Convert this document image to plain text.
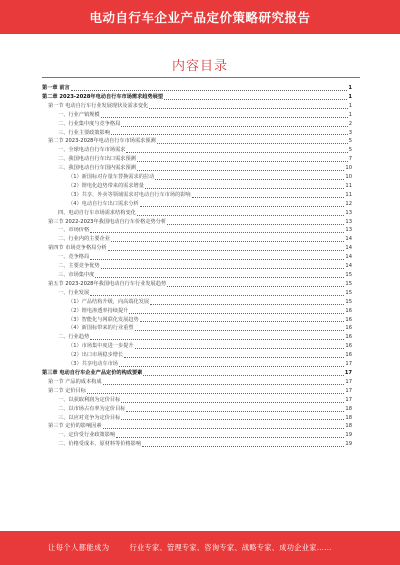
电动自行车企业产品定价策略研究报告
内容目录
第一章 前言	1
第二章 2023-2028年电动自行车市场需求趋势展望	1
第一节 电动自行车行业发展现状及需求变化	1
一、行业产销规模	1
二、行业集中度与竞争格局	2
三、行业主要政策影响	3
第二节 2023-2028年电动自行车市场需求预测	5
一、全球电动自行车市场需求	5
二、我国电动自行车出口需求预测	7
三、我国电动自行车国内需求预测	10
（1）新国标对存量车替换需求的拉动	10
（2）锂电化趋势带来的需求增量	11
（3）共享、外卖等领域需求对电动自行车市场的影响	11
（4）电动自行车出口需求分析	12
四、电动自行车市场需求结构变化	13
第三节 2022-2023年我国电动自行车价格走势分析	13
一、市场价格	13
二、行业内的主要企业	14
第四节 市场竞争格局分析	14
一、竞争格局	14
二、主要竞争优势	14
三、市场集中度	15
第五节 2023-2028年我国电动自行车行业发展趋势	15
一、行业发展	15
（1）产品结构升级，向高端化发展	15
（2）锂电渗透率持续提升	16
（3）智能化与网联化发展趋势	16
（4）新国标带来的行业重塑	16
二、行业趋势	16
（1）市场集中度进一步提升	16
（2）出口市场稳步增长	16
（3）共享电动车市场	17
第三章 电动自行车企业产品定价的构成要素	17
第一节 产品的成本构成	17
第二节 定价目标	17
一、以获取利润为定价目标	17
二、以市场占有率为定价目标	18
三、以应对竞争为定价目标	18
第三节 定价的影响因素	18
一、定价受行业政策影响	19
二、价格受成本、原材料等价格影响	19
让每个人都能成为	行业专家、管理专家、咨询专家、战略专家、成功企业家……
